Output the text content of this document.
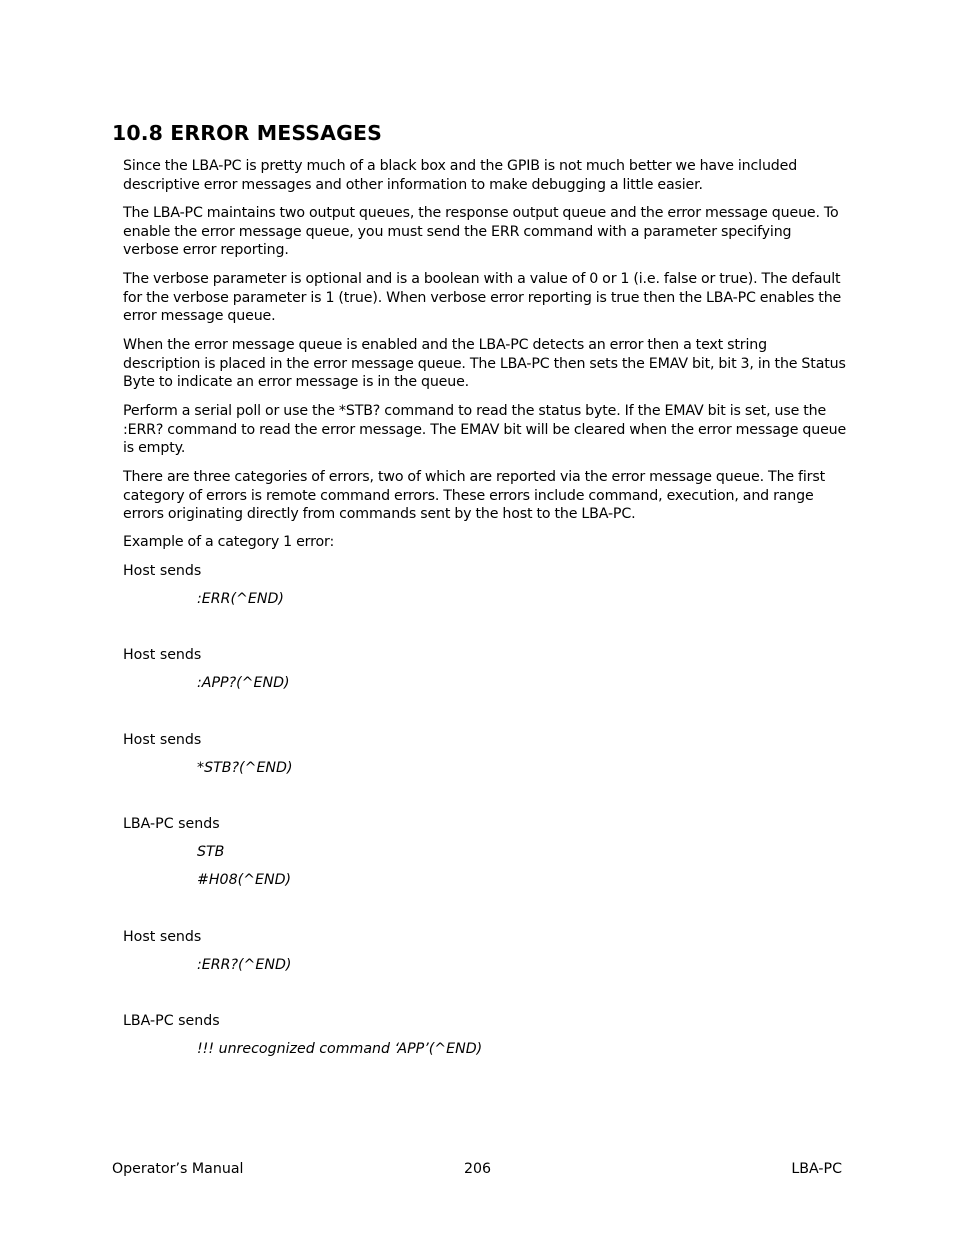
10.8 ERROR MESSAGES

Since the LBA-PC is pretty much of a black box and the GPIB is not much better we have included descriptive error messages and other information to make debugging a little easier.

The LBA-PC maintains two output queues, the response output queue and the error message queue. To enable the error message queue, you must send the ERR command with a parameter specifying verbose error reporting.

The verbose parameter is optional and is a boolean with a value of 0 or 1 (i.e. false or true). The default for the verbose parameter is 1 (true). When verbose error reporting is true then the LBA-PC enables the error message queue.

When the error message queue is enabled and the LBA-PC detects an error then a text string description is placed in the error message queue. The LBA-PC then sets the EMAV bit, bit 3, in the Status Byte to indicate an error message is in the queue.

Perform a serial poll or use the *STB? command to read the status byte. If the EMAV bit is set, use the :ERR? command to read the error message. The EMAV bit will be cleared when the error message queue is empty.

There are three categories of errors, two of which are reported via the error message queue. The first category of errors is remote command errors. These errors include command, execution, and range errors originating directly from commands sent by the host to the LBA-PC.

Example of a category 1 error:

Host sends

:ERR(^END)

Host sends

:APP?(^END)

Host sends

*STB?(^END)

LBA-PC sends

STB

#H08(^END)

Host sends

:ERR?(^END)

LBA-PC sends

!!! unrecognized command ‘APP’(^END)

Operator’s Manual	206	LBA-PC
